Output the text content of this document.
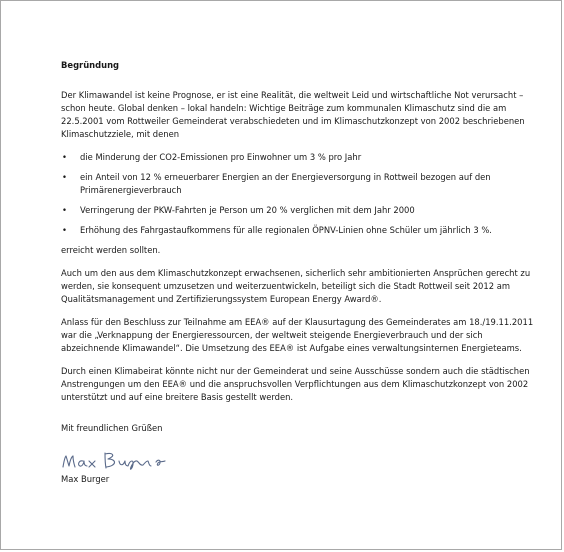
Begründung

Der Klimawandel ist keine Prognose, er ist eine Realität, die weltweit Leid und wirtschaftliche Not verursacht – schon heute. Global denken – lokal handeln: Wichtige Beiträge zum kommunalen Klimaschutz sind die am 22.5.2001 vom Rottweiler Gemeinderat verabschiedeten und im Klimaschutzkonzept von 2002 beschriebenen Klimaschutzziele, mit denen

• die Minderung der CO2-Emissionen pro Einwohner um 3 % pro Jahr
• ein Anteil von 12 % erneuerbarer Energien an der Energieversorgung in Rottweil bezogen auf den Primärenergieverbrauch
• Verringerung der PKW-Fahrten je Person um 20 % verglichen mit dem Jahr 2000
• Erhöhung des Fahrgastaufkommens für alle regionalen ÖPNV-Linien ohne Schüler um jährlich 3 %.

erreicht werden sollten.

Auch um den aus dem Klimaschutzkonzept erwachsenen, sicherlich sehr ambitionierten Ansprüchen gerecht zu werden, sie konsequent umzusetzen und weiterzuentwickeln, beteiligt sich die Stadt Rottweil seit 2012 am Qualitätsmanagement und Zertifizierungssystem European Energy Award®.

Anlass für den Beschluss zur Teilnahme am EEA® auf der Klausurtagung des Gemeinderates am 18./19.11.2011 war die „Verknappung der Energieressourcen, der weltweit steigende Energieverbrauch und der sich abzeichnende Klimawandel“. Die Umsetzung des EEA® ist Aufgabe eines verwaltungsinternen Energieteams.

Durch einen Klimabeirat könnte nicht nur der Gemeinderat und seine Ausschüsse sondern auch die städtischen Anstrengungen um den EEA® und die anspruchsvollen Verpflichtungen aus dem Klimaschutzkonzept von 2002 unterstützt und auf eine breitere Basis gestellt werden.

Mit freundlichen Grüßen

Max Burger
